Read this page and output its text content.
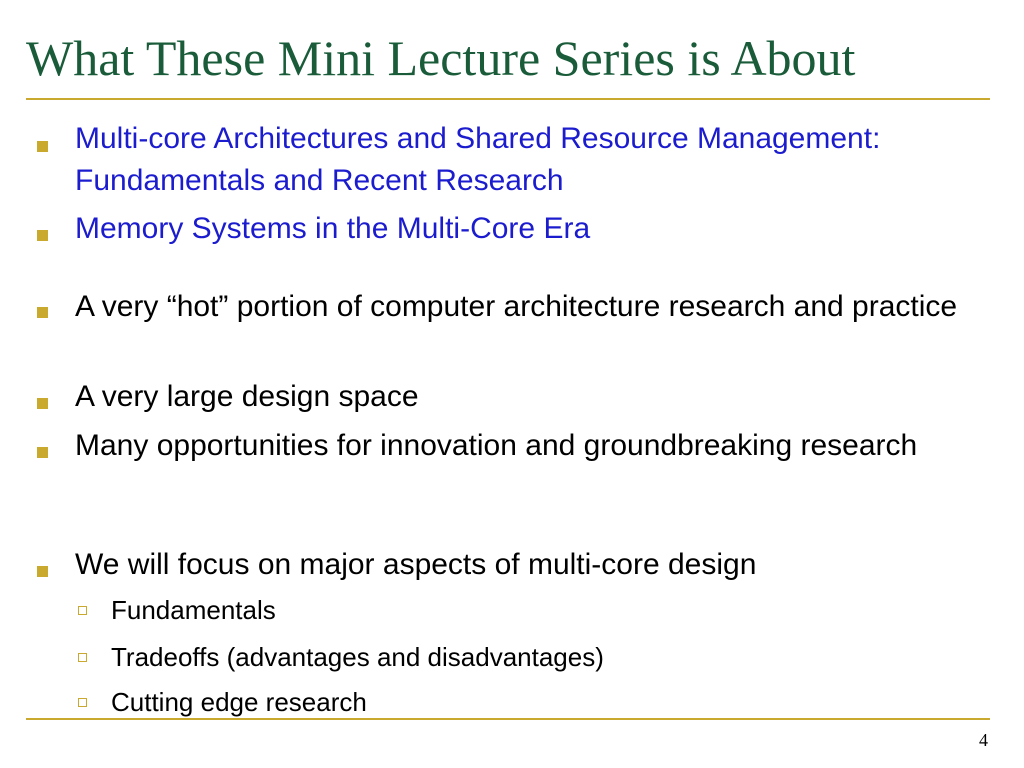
What These Mini Lecture Series is About
Multi-core Architectures and Shared Resource Management: Fundamentals and Recent Research
Memory Systems in the Multi-Core Era
A very “hot” portion of computer architecture research and practice
A very large design space
Many opportunities for innovation and groundbreaking research
We will focus on major aspects of multi-core design
Fundamentals
Tradeoffs (advantages and disadvantages)
Cutting edge research
4
